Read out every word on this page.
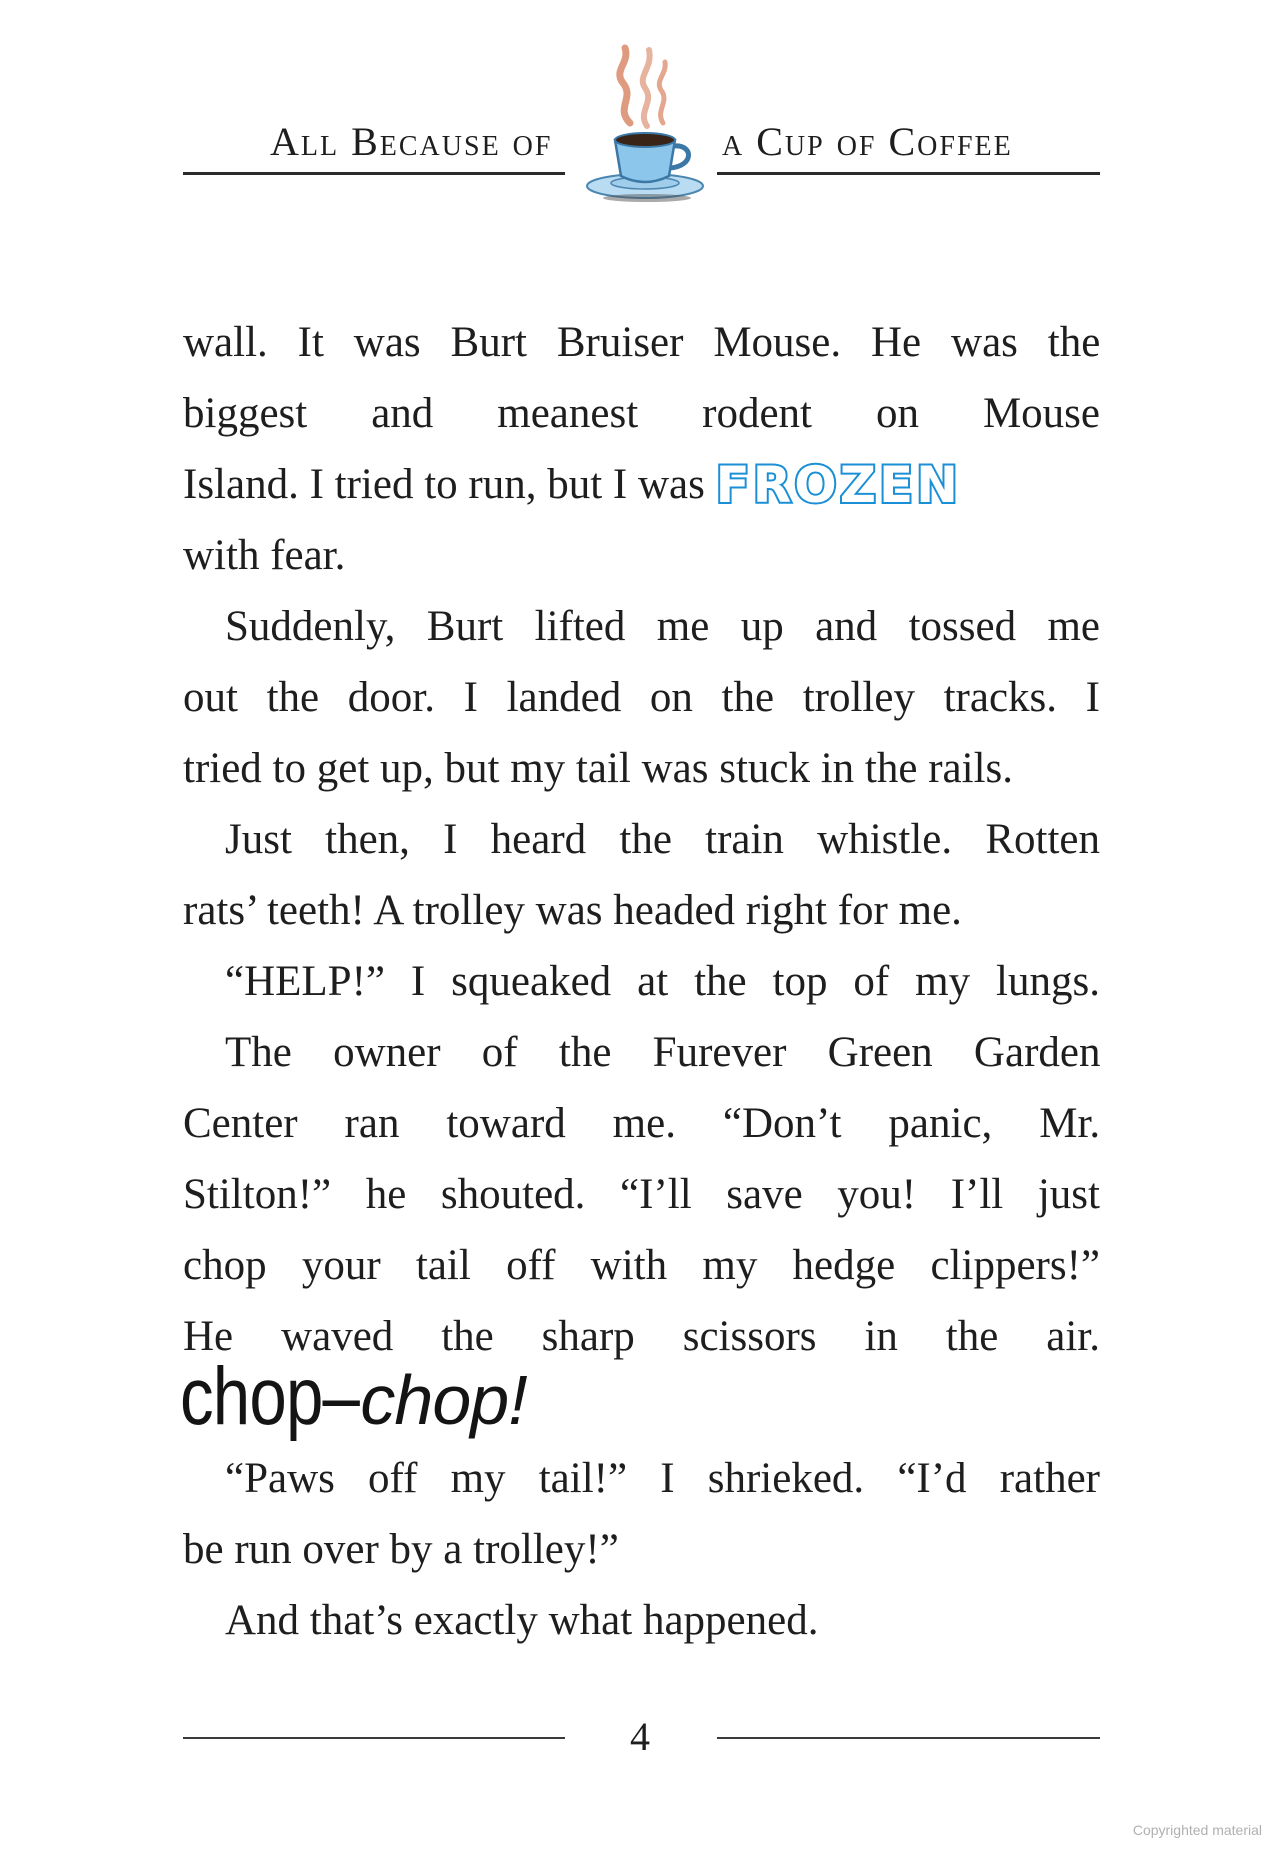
All Because of	a Cup of Coffee
wall. It was Burt Bruiser Mouse. He was the
biggest and meanest rodent on Mouse
Island. I tried to run, but I was FROZEN
with fear.
Suddenly, Burt lifted me up and tossed me
out the door. I landed on the trolley tracks. I
tried to get up, but my tail was stuck in the rails.
Just then, I heard the train whistle. Rotten
rats’ teeth! A trolley was headed right for me.
“HELP!” I squeaked at the top of my lungs.
The owner of the Furever Green Garden
Center ran toward me. “Don’t panic, Mr.
Stilton!” he shouted. “I’ll save you! I’ll just
chop your tail off with my hedge clippers!”
He waved the sharp scissors in the air.
“Paws off my tail!” I shrieked. “I’d rather
be run over by a trolley!”
And that’s exactly what happened.
chop–chop!
4
Copyrighted material
